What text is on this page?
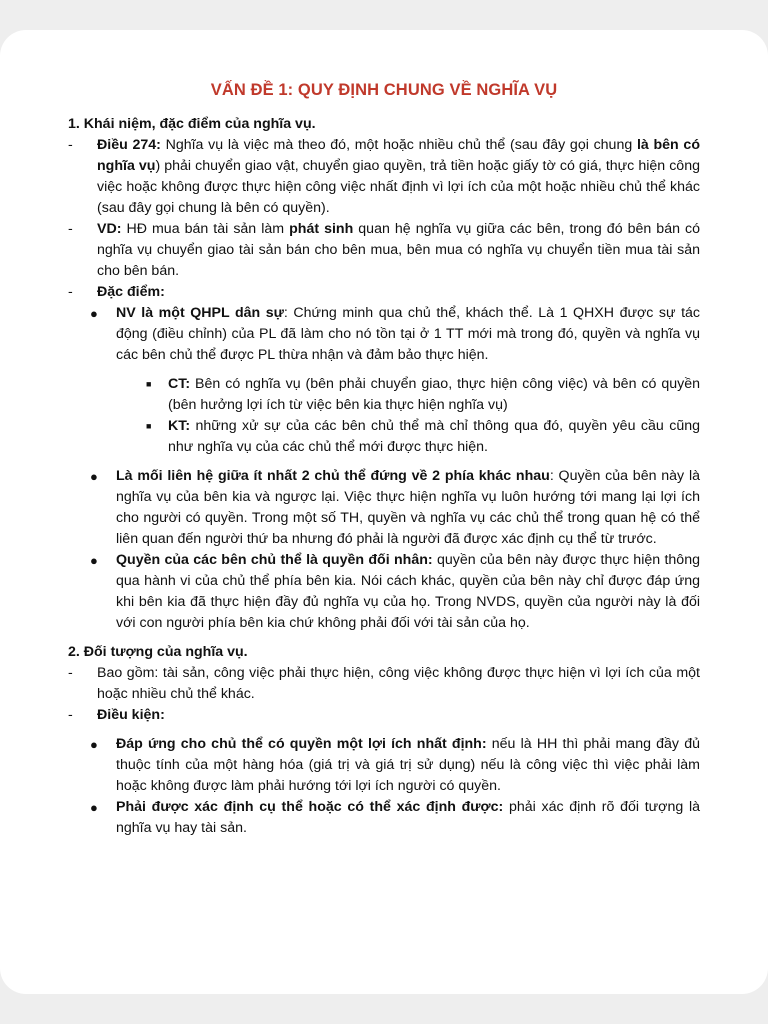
VẤN ĐỀ 1: QUY ĐỊNH CHUNG VỀ NGHĨA VỤ
1. Khái niệm, đặc điểm của nghĩa vụ.
- Điều 274: Nghĩa vụ là việc mà theo đó, một hoặc nhiều chủ thể (sau đây gọi chung là bên có nghĩa vụ) phải chuyển giao vật, chuyển giao quyền, trả tiền hoặc giấy tờ có giá, thực hiện công việc hoặc không được thực hiện công việc nhất định vì lợi ích của một hoặc nhiều chủ thể khác (sau đây gọi chung là bên có quyền).
- VD: HĐ mua bán tài sản làm phát sinh quan hệ nghĩa vụ giữa các bên, trong đó bên bán có nghĩa vụ chuyển giao tài sản bán cho bên mua, bên mua có nghĩa vụ chuyển tiền mua tài sản cho bên bán.
- Đặc điểm:
● NV là một QHPL dân sự: Chứng minh qua chủ thể, khách thể. Là 1 QHXH được sự tác động (điều chỉnh) của PL đã làm cho nó tồn tại ở 1 TT mới mà trong đó, quyền và nghĩa vụ các bên chủ thể được PL thừa nhận và đảm bảo thực hiện.
■ CT: Bên có nghĩa vụ (bên phải chuyển giao, thực hiện công việc) và bên có quyền (bên hưởng lợi ích từ việc bên kia thực hiện nghĩa vụ)
■ KT: những xử sự của các bên chủ thể mà chỉ thông qua đó, quyền yêu cầu cũng như nghĩa vụ của các chủ thể mới được thực hiện.
● Là mối liên hệ giữa ít nhất 2 chủ thể đứng về 2 phía khác nhau: Quyền của bên này là nghĩa vụ của bên kia và ngược lại. Việc thực hiện nghĩa vụ luôn hướng tới mang lại lợi ích cho người có quyền. Trong một số TH, quyền và nghĩa vụ các chủ thể trong quan hệ có thể liên quan đến người thứ ba nhưng đó phải là người đã được xác định cụ thể từ trước.
● Quyền của các bên chủ thể là quyền đối nhân: quyền của bên này được thực hiện thông qua hành vi của chủ thể phía bên kia. Nói cách khác, quyền của bên này chỉ được đáp ứng khi bên kia đã thực hiện đầy đủ nghĩa vụ của họ. Trong NVDS, quyền của người này là đối với con người phía bên kia chứ không phải đối với tài sản của họ.
2. Đối tượng của nghĩa vụ.
- Bao gồm: tài sản, công việc phải thực hiện, công việc không được thực hiện vì lợi ích của một hoặc nhiều chủ thể khác.
- Điều kiện:
● Đáp ứng cho chủ thể có quyền một lợi ích nhất định: nếu là HH thì phải mang đầy đủ thuộc tính của một hàng hóa (giá trị và giá trị sử dụng) nếu là công việc thì việc phải làm hoặc không được làm phải hướng tới lợi ích người có quyền.
● Phải được xác định cụ thể hoặc có thể xác định được: phải xác định rõ đối tượng là nghĩa vụ hay tài sản.
